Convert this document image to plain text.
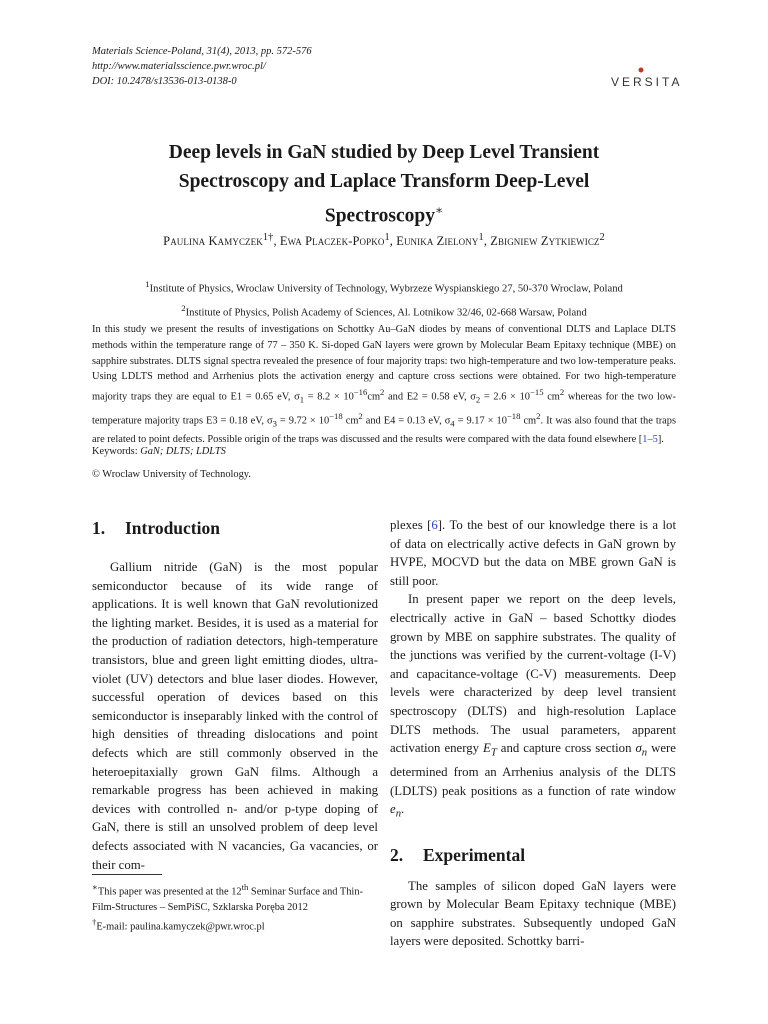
Materials Science-Poland, 31(4), 2013, pp. 572-576
http://www.materialsscience.pwr.wroc.pl/
DOI: 10.2478/s13536-013-0138-0	VERSITA
Deep levels in GaN studied by Deep Level Transient
Spectroscopy and Laplace Transform Deep-Level
Spectroscopy∗
Paulina Kamyczek$^{1\dagger}$, Ewa Placzek-Popko$^1$, Eunika Zielony$^1$, Zbigniew Zytkiewicz$^2$
$^1$Institute of Physics, Wroclaw University of Technology, Wybrzeze Wyspianskiego 27, 50-370 Wroclaw, Poland
$^2$Institute of Physics, Polish Academy of Sciences, Al. Lotnikow 32/46, 02-668 Warsaw, Poland
In this study we present the results of investigations on Schottky Au–GaN diodes by means of conventional DLTS and Laplace DLTS methods within the temperature range of 77 – 350 K. Si-doped GaN layers were grown by Molecular Beam Epitaxy technique (MBE) on sapphire substrates. DLTS signal spectra revealed the presence of four majority traps: two high-temperature and two low-temperature peaks. Using LDLTS method and Arrhenius plots the activation energy and capture cross sections were obtained. For two high-temperature majority traps they are equal to E1 = 0.65 eV, $\sigma_1 = 8.2 \times 10^{-16}cm^2$ and E2 = 0.58 eV, $\sigma_2 = 2.6 \times 10^{-15}$ $cm^2$ whereas for the two low-temperature majority traps E3 = 0.18 eV, $\sigma_3 = 9.72 \times 10^{-18}$ $cm^2$ and E4 = 0.13 eV, $\sigma_4 = 9.17 \times 10^{-18}$ $cm^2$. It was also found that the traps are related to point defects. Possible origin of the traps was discussed and the results were compared with the data found elsewhere [1–5].
Keywords: GaN; DLTS; LDLTS
© Wroclaw University of Technology.
1. Introduction

Gallium nitride (GaN) is the most popular semiconductor because of its wide range of applications. It is well known that GaN revolutionized the lighting market. Besides, it is used as a material for the production of radiation detectors, high-temperature transistors, blue and green light emitting diodes, ultra-violet (UV) detectors and blue laser diodes. However, successful operation of devices based on this semiconductor is inseparably linked with the control of high densities of threading dislocations and point defects which are still commonly observed in the heteroepitaxially grown GaN films. Although a remarkable progress has been achieved in making devices with controlled n- and/or p-type doping of GaN, there is still an unsolved problem of deep level defects associated with N vacancies, Ga vacancies, or their com-

plexes [6]. To the best of our knowledge there is a lot of data on electrically active defects in GaN grown by HVPE, MOCVD but the data on MBE grown GaN is still poor.

In present paper we report on the deep levels, electrically active in GaN – based Schottky diodes grown by MBE on sapphire substrates. The quality of the junctions was verified by the current-voltage (I-V) and capacitance-voltage (C-V) measurements. Deep levels were characterized by deep level transient spectroscopy (DLTS) and high-resolution Laplace DLTS methods. The usual parameters, apparent activation energy $E_T$ and capture cross section $\sigma_n$ were determined from an Arrhenius analysis of the DLTS (LDLTS) peak positions as a function of rate window $e_n$.

2. Experimental

The samples of silicon doped GaN layers were grown by Molecular Beam Epitaxy technique (MBE) on sapphire substrates. Subsequently undoped GaN layers were deposited. Schottky barri-

∗This paper was presented at the 12th Seminar Surface and Thin-Film-Structures – SemPiSC, Szklarska Poręba 2012
†E-mail: paulina.kamyczek@pwr.wroc.pl
